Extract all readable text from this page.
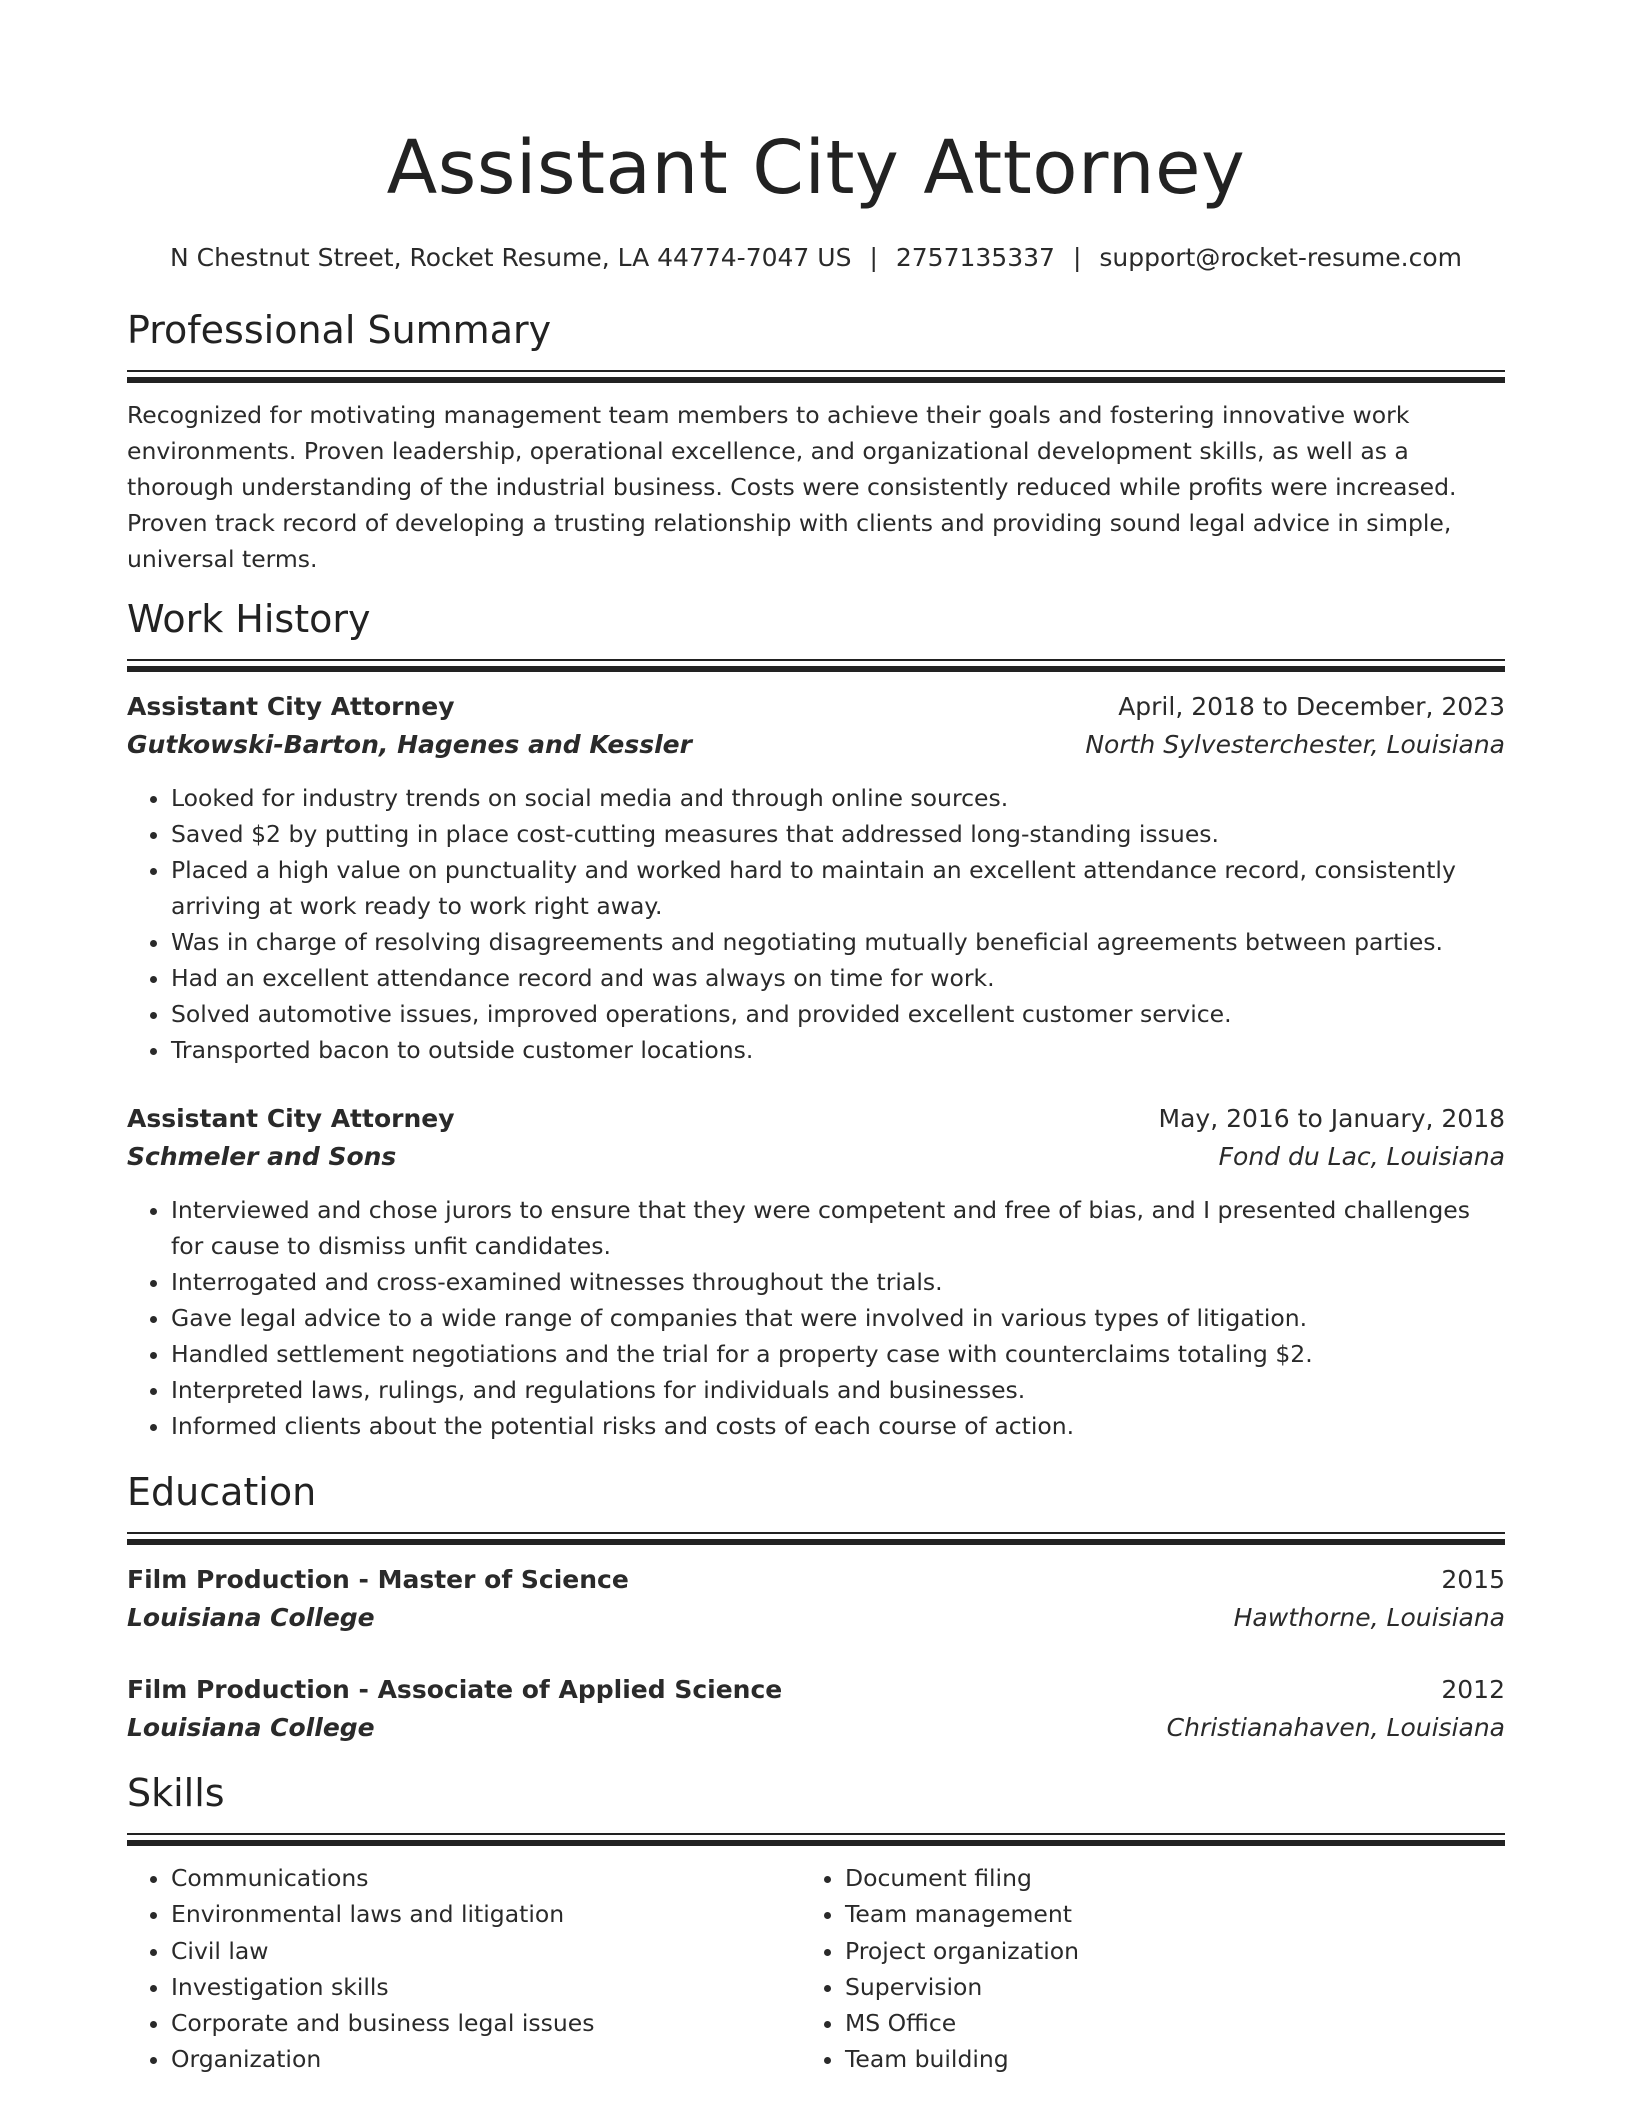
Assistant City Attorney
N Chestnut Street, Rocket Resume, LA 44774-7047 US | 2757135337 | support@rocket-resume.com
Professional Summary

Recognized for motivating management team members to achieve their goals and fostering innovative work environments. Proven leadership, operational excellence, and organizational development skills, as well as a thorough understanding of the industrial business. Costs were consistently reduced while profits were increased. Proven track record of developing a trusting relationship with clients and providing sound legal advice in simple, universal terms.

Work History
Assistant City Attorney	April, 2018 to December, 2023
Gutkowski-Barton, Hagenes and Kessler	North Sylvesterchester, Louisiana
• Looked for industry trends on social media and through online sources.
• Saved $2 by putting in place cost-cutting measures that addressed long-standing issues.
• Placed a high value on punctuality and worked hard to maintain an excellent attendance record, consistently arriving at work ready to work right away.
• Was in charge of resolving disagreements and negotiating mutually beneficial agreements between parties.
• Had an excellent attendance record and was always on time for work.
• Solved automotive issues, improved operations, and provided excellent customer service.
• Transported bacon to outside customer locations.
Assistant City Attorney	May, 2016 to January, 2018
Schmeler and Sons	Fond du Lac, Louisiana
• Interviewed and chose jurors to ensure that they were competent and free of bias, and I presented challenges for cause to dismiss unfit candidates.
• Interrogated and cross-examined witnesses throughout the trials.
• Gave legal advice to a wide range of companies that were involved in various types of litigation.
• Handled settlement negotiations and the trial for a property case with counterclaims totaling $2.
• Interpreted laws, rulings, and regulations for individuals and businesses.
• Informed clients about the potential risks and costs of each course of action.
Education
Film Production - Master of Science	2015
Louisiana College	Hawthorne, Louisiana
Film Production - Associate of Applied Science	2012
Louisiana College	Christianahaven, Louisiana
Skills
• Communications
• Environmental laws and litigation
• Civil law
• Investigation skills
• Corporate and business legal issues
• Organization
• Document filing
• Team management
• Project organization
• Supervision
• MS Office
• Team building
